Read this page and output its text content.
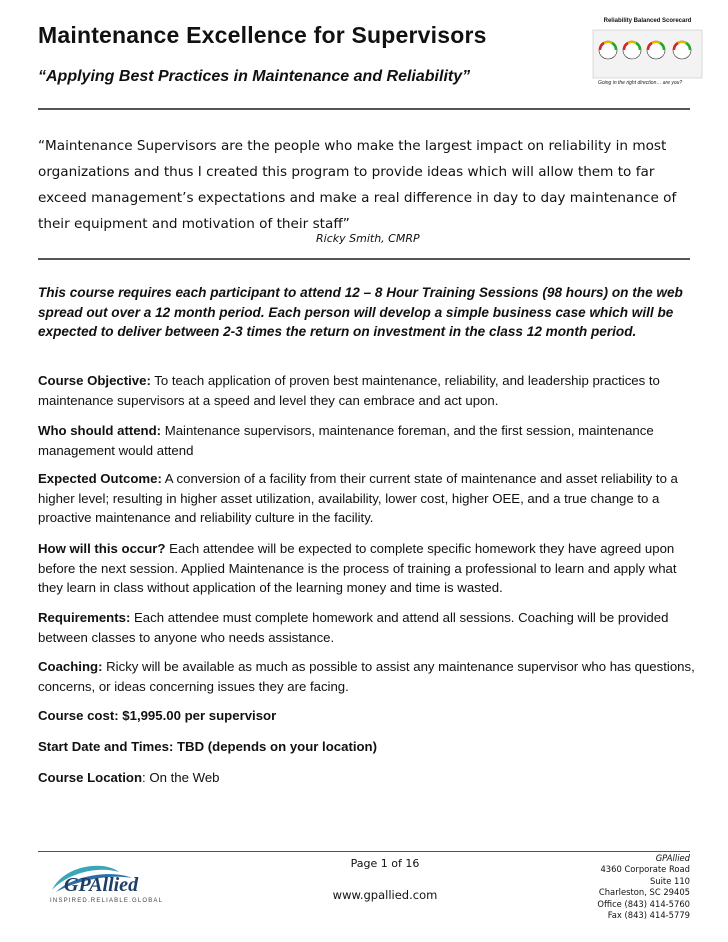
Maintenance Excellence for Supervisors
“Applying Best Practices in Maintenance and Reliability”
Reliability Balanced Scorecard
Going in the right direction… are you?
“Maintenance Supervisors are the people who make the largest impact on reliability in most organizations and thus I created this program to provide ideas which will allow them to far exceed management’s expectations and make a real difference in day to day maintenance of their equipment and motivation of their staff”
Ricky Smith, CMRP
This course requires each participant to attend 12 – 8 Hour Training Sessions (98 hours) on the web spread out over a 12 month period. Each person will develop a simple business case which will be expected to deliver between 2-3 times the return on investment in the class 12 month period.
Course Objective: To teach application of proven best maintenance, reliability, and leadership practices to maintenance supervisors at a speed and level they can embrace and act upon.
Who should attend: Maintenance supervisors, maintenance foreman, and the first session, maintenance management would attend
Expected Outcome: A conversion of a facility from their current state of maintenance and asset reliability to a higher level; resulting in higher asset utilization, availability, lower cost, higher OEE, and a true change to a proactive maintenance and reliability culture in the facility.
How will this occur? Each attendee will be expected to complete specific homework they have agreed upon before the next session. Applied Maintenance is the process of training a professional to learn and apply what they learn in class without application of the learning money and time is wasted.
Requirements: Each attendee must complete homework and attend all sessions. Coaching will be provided between classes to anyone who needs assistance.
Coaching: Ricky will be available as much as possible to assist any maintenance supervisor who has questions, concerns, or ideas concerning issues they are facing.
Course cost: $1,995.00 per supervisor
Start Date and Times: TBD (depends on your location)
Course Location: On the Web
GPAllied
INSPIRED.RELIABLE.GLOBAL
Page 1 of 16
www.gpallied.com
GPAllied
4360 Corporate Road
Suite 110
Charleston, SC 29405
Office (843) 414-5760
Fax (843) 414-5779
